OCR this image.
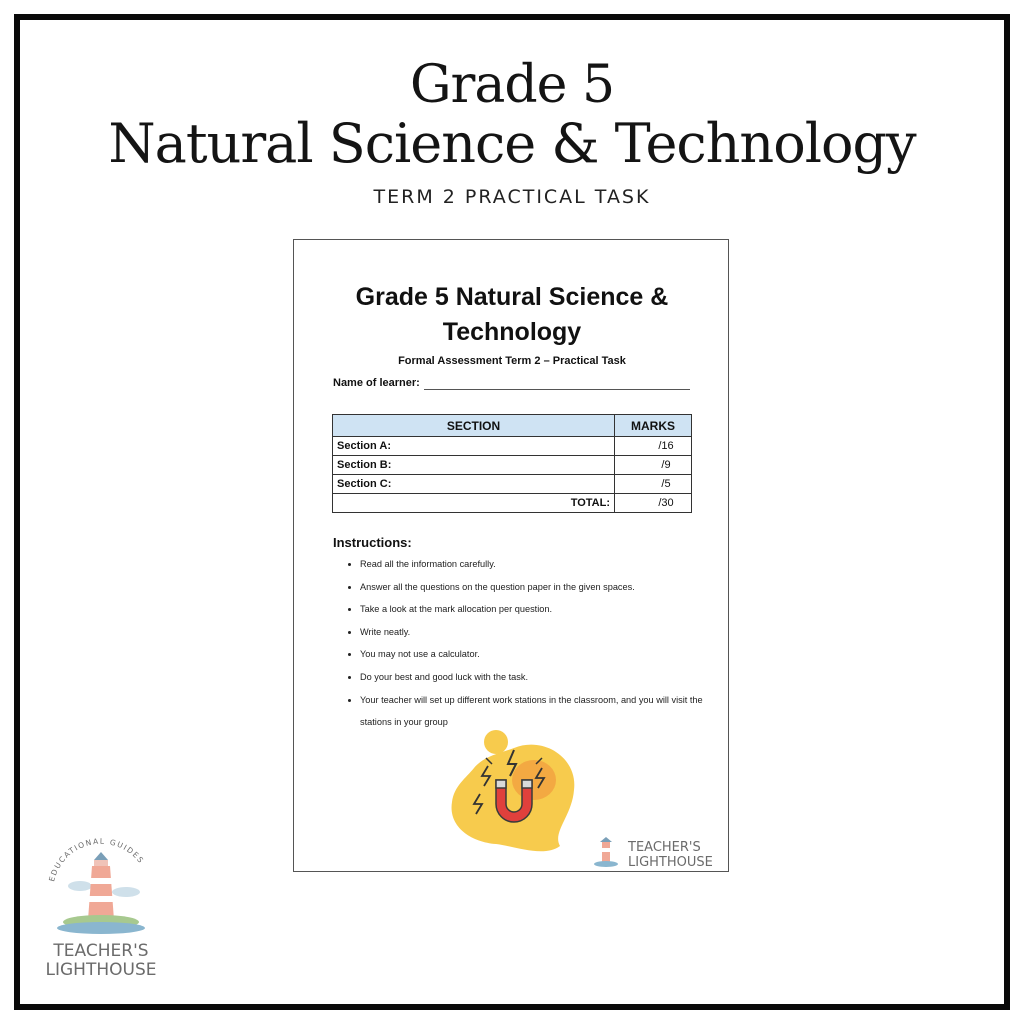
Grade 5
Natural Science & Technology
TERM 2 PRACTICAL TASK
Grade 5 Natural Science & Technology
Formal Assessment Term 2 – Practical Task
Name of learner:
SECTION	MARKS
Section A:	/16
Section B:	/9
Section C:	/5
TOTAL:	/30
Instructions:
• Read all the information carefully.
• Answer all the questions on the question paper in the given spaces.
• Take a look at the mark allocation per question.
• Write neatly.
• You may not use a calculator.
• Do your best and good luck with the task.
• Your teacher will set up different work stations in the classroom, and you will visit the stations in your group
TEACHER'S
LIGHTHOUSE
EDUCATIONAL GUIDES
TEACHER'S
LIGHTHOUSE
